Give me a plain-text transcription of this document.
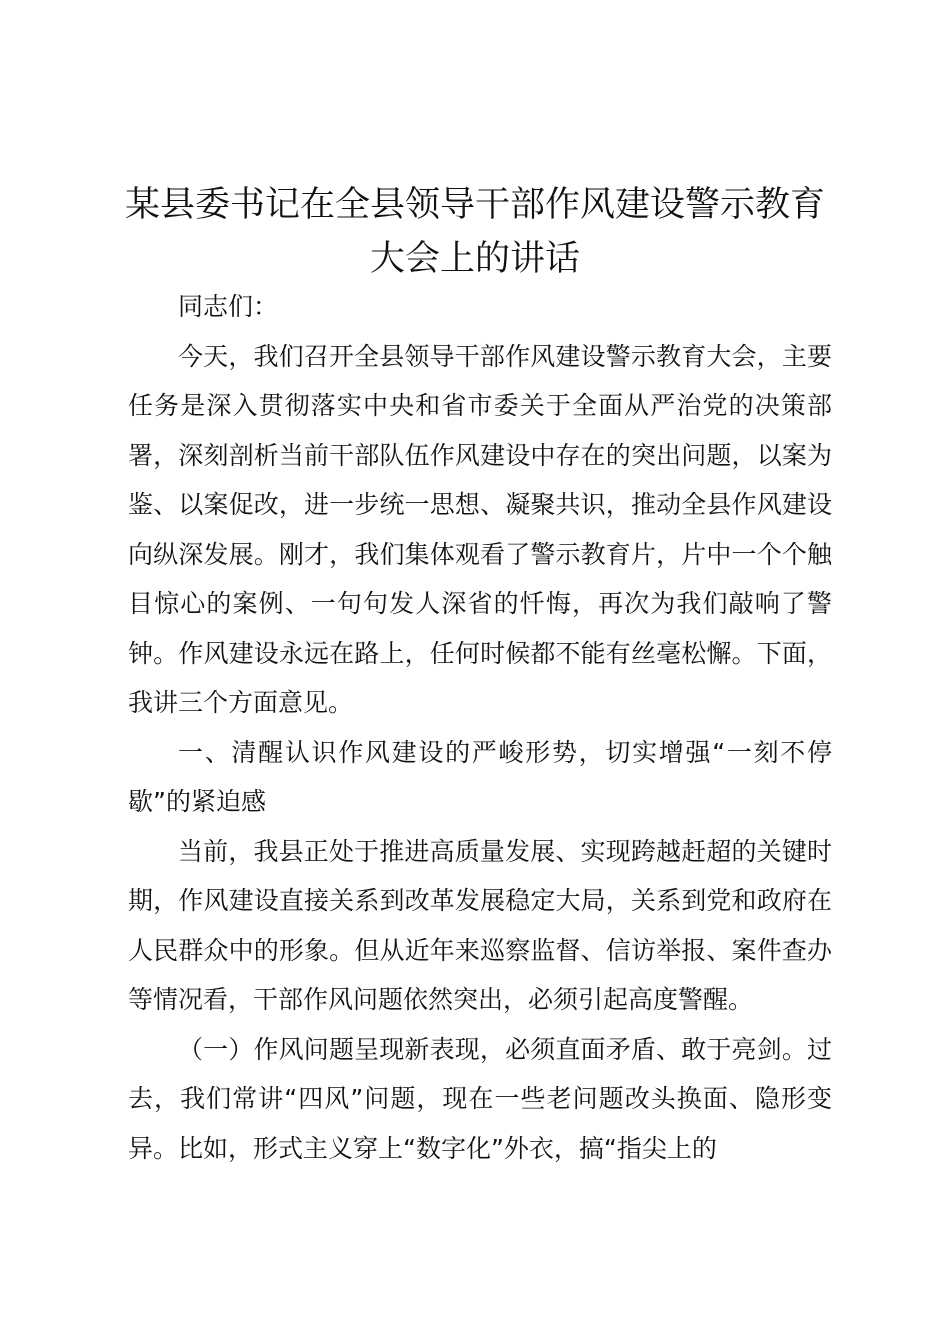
某县委书记在全县领导干部作风建设警示教育
大会上的讲话

同志们：

今天，我们召开全县领导干部作风建设警示教育大会，主要任务是深入贯彻落实中央和省市委关于全面从严治党的决策部署，深刻剖析当前干部队伍作风建设中存在的突出问题，以案为鉴、以案促改，进一步统一思想、凝聚共识，推动全县作风建设向纵深发展。刚才，我们集体观看了警示教育片，片中一个个触目惊心的案例、一句句发人深省的忏悔，再次为我们敲响了警钟。作风建设永远在路上，任何时候都不能有丝毫松懈。下面，我讲三个方面意见。

一、清醒认识作风建设的严峻形势，切实增强“一刻不停歇”的紧迫感

当前，我县正处于推进高质量发展、实现跨越赶超的关键时期，作风建设直接关系到改革发展稳定大局，关系到党和政府在人民群众中的形象。但从近年来巡察监督、信访举报、案件查办等情况看，干部作风问题依然突出，必须引起高度警醒。

（一）作风问题呈现新表现，必须直面矛盾、敢于亮剑。过去，我们常讲“四风”问题，现在一些老问题改头换面、隐形变异。比如，形式主义穿上“数字化”外衣，搞“指尖上的
